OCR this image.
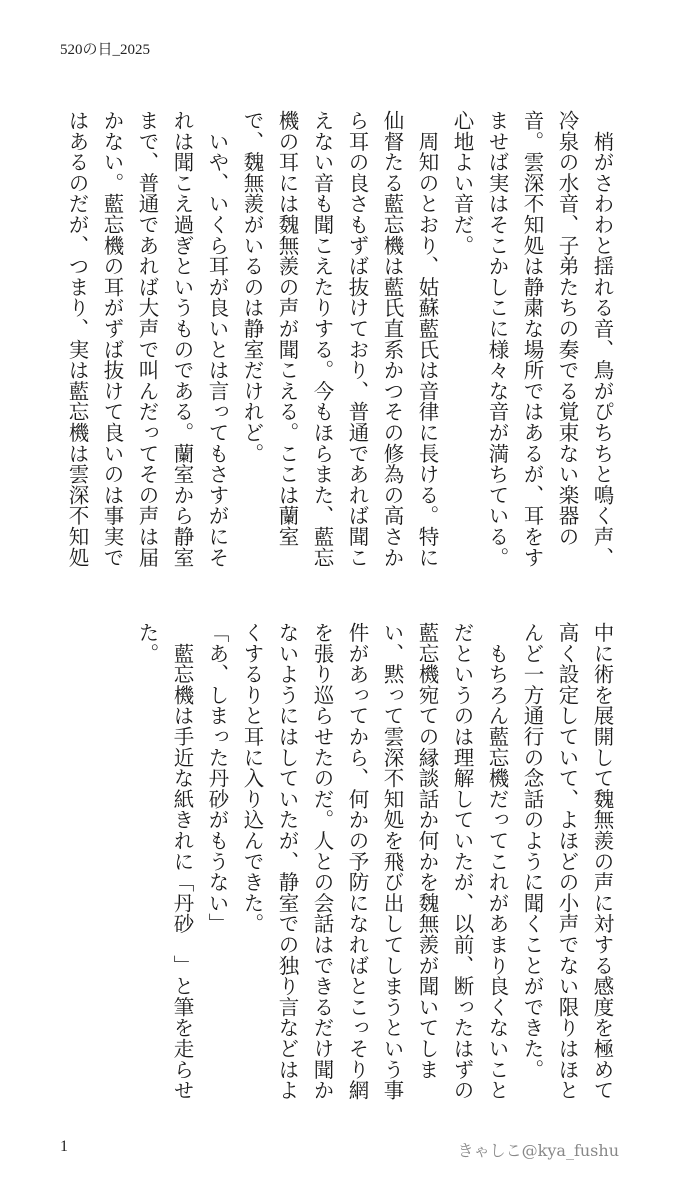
520の日_2025
　梢がさわわと揺れる音、鳥がぴちちと鳴く声、冷泉の水音、子弟たちの奏でる覚束ない楽器の音。雲深不知処は静粛な場所ではあるが、耳をすませば実はそこかしこに様々な音が満ちている。心地よい音だ。
　周知のとおり、姑蘇藍氏は音律に長ける。特に仙督たる藍忘機は藍氏直系かつその修為の高さから耳の良さもずば抜けており、普通であれば聞こえない音も聞こえたりする。今もほらまた、藍忘機の耳には魏無羨の声が聞こえる。ここは蘭室で、魏無羨がいるのは静室だけれど。
　いや、いくら耳が良いとは言ってもさすがにそれは聞こえ過ぎというものである。蘭室から静室まで、普通であれば大声で叫んだってその声は届かない。藍忘機の耳がずば抜けて良いのは事実ではあるのだが、つまり、実は藍忘機は雲深不知処
中に術を展開して魏無羨の声に対する感度を極めて高く設定していて、よほどの小声でない限りはほとんど一方通行の念話のように聞くことができた。
　もちろん藍忘機だってこれがあまり良くないことだというのは理解していたが、以前、断ったはずの藍忘機宛ての縁談話か何かを魏無羨が聞いてしまい、黙って雲深不知処を飛び出してしまうという事件があってから、何かの予防になればとこっそり網を張り巡らせたのだ。人との会話はできるだけ聞かないようにはしていたが、静室での独り言などはよくするりと耳に入り込んできた。
「あ、しまった丹砂がもうない」
　藍忘機は手近な紙きれに「丹砂　」と筆を走らせた。
1	きゃしこ@kya_fushu
